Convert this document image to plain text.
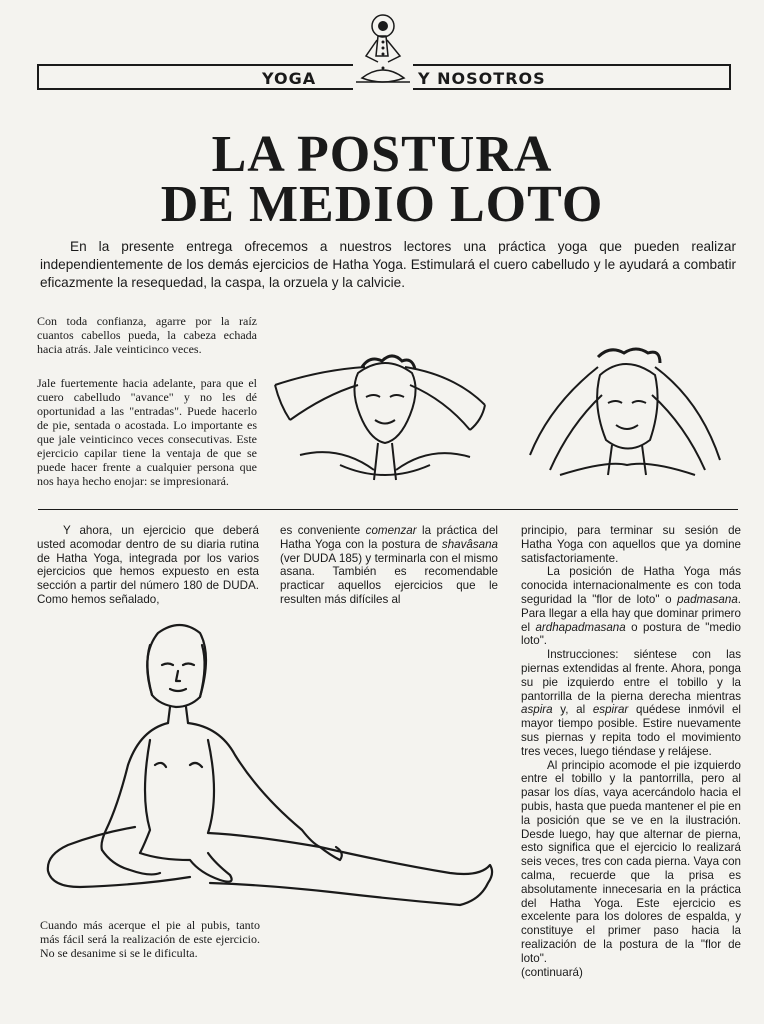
YOGA	Y NOSOTROS
LA POSTURA
DE MEDIO LOTO
En la presente entrega ofrecemos a nuestros lectores una práctica yoga que pueden realizar independientemente de los demás ejercicios de Hatha Yoga. Estimulará el cuero cabelludo y le ayudará a combatir eficazmente la resequedad, la caspa, la orzuela y la calvicie.
Con toda confianza, agarre por la raíz cuantos cabellos pueda, la cabeza echada hacia atrás. Jale veinticinco veces.
Jale fuertemente hacia adelante, para que el cuero cabelludo "avance" y no les dé oportunidad a las "entradas". Puede hacerlo de pie, sentada o acostada. Lo importante es que jale veinticinco veces consecutivas. Este ejercicio capilar tiene la ventaja de que se puede hacer frente a cualquier persona que nos haya hecho enojar: se impresionará.

Y ahora, un ejercicio que deberá usted acomodar dentro de su diaria rutina de Hatha Yoga, integrada por los varios ejercicios que hemos expuesto en esta sección a partir del número 180 de DUDA. Como hemos señalado,

es conveniente comenzar la práctica del Hatha Yoga con la postura de shavâsana (ver DUDA 185) y terminarla con el mismo asana. También es recomendable practicar aquellos ejercicios que le resulten más difíciles al

principio, para terminar su sesión de Hatha Yoga con aquellos que ya domine satisfactoriamente.

La posición de Hatha Yoga más conocida internacionalmente es con toda seguridad la "flor de loto" o padmasana. Para llegar a ella hay que dominar primero el ardhapadmasana o postura de "medio loto".

Instrucciones: siéntese con las piernas extendidas al frente. Ahora, ponga su pie izquierdo entre el tobillo y la pantorrilla de la pierna derecha mientras aspira y, al espirar quédese inmóvil el mayor tiempo posible. Estire nuevamente sus piernas y repita todo el movimiento tres veces, luego tiéndase y relájese.

Al principio acomode el pie izquierdo entre el tobillo y la pantorrilla, pero al pasar los días, vaya acercándolo hacia el pubis, hasta que pueda mantener el pie en la posición que se ve en la ilustración. Desde luego, hay que alternar de pierna, esto significa que el ejercicio lo realizará seis veces, tres con cada pierna. Vaya con calma, recuerde que la prisa es absolutamente innecesaria en la práctica del Hatha Yoga. Este ejercicio es excelente para los dolores de espalda, y constituye el primer paso hacia la realización de la postura de la "flor de loto".

(continuará)

Cuando más acerque el pie al pubis, tanto más fácil será la realización de este ejercicio. No se desanime si se le dificulta.
